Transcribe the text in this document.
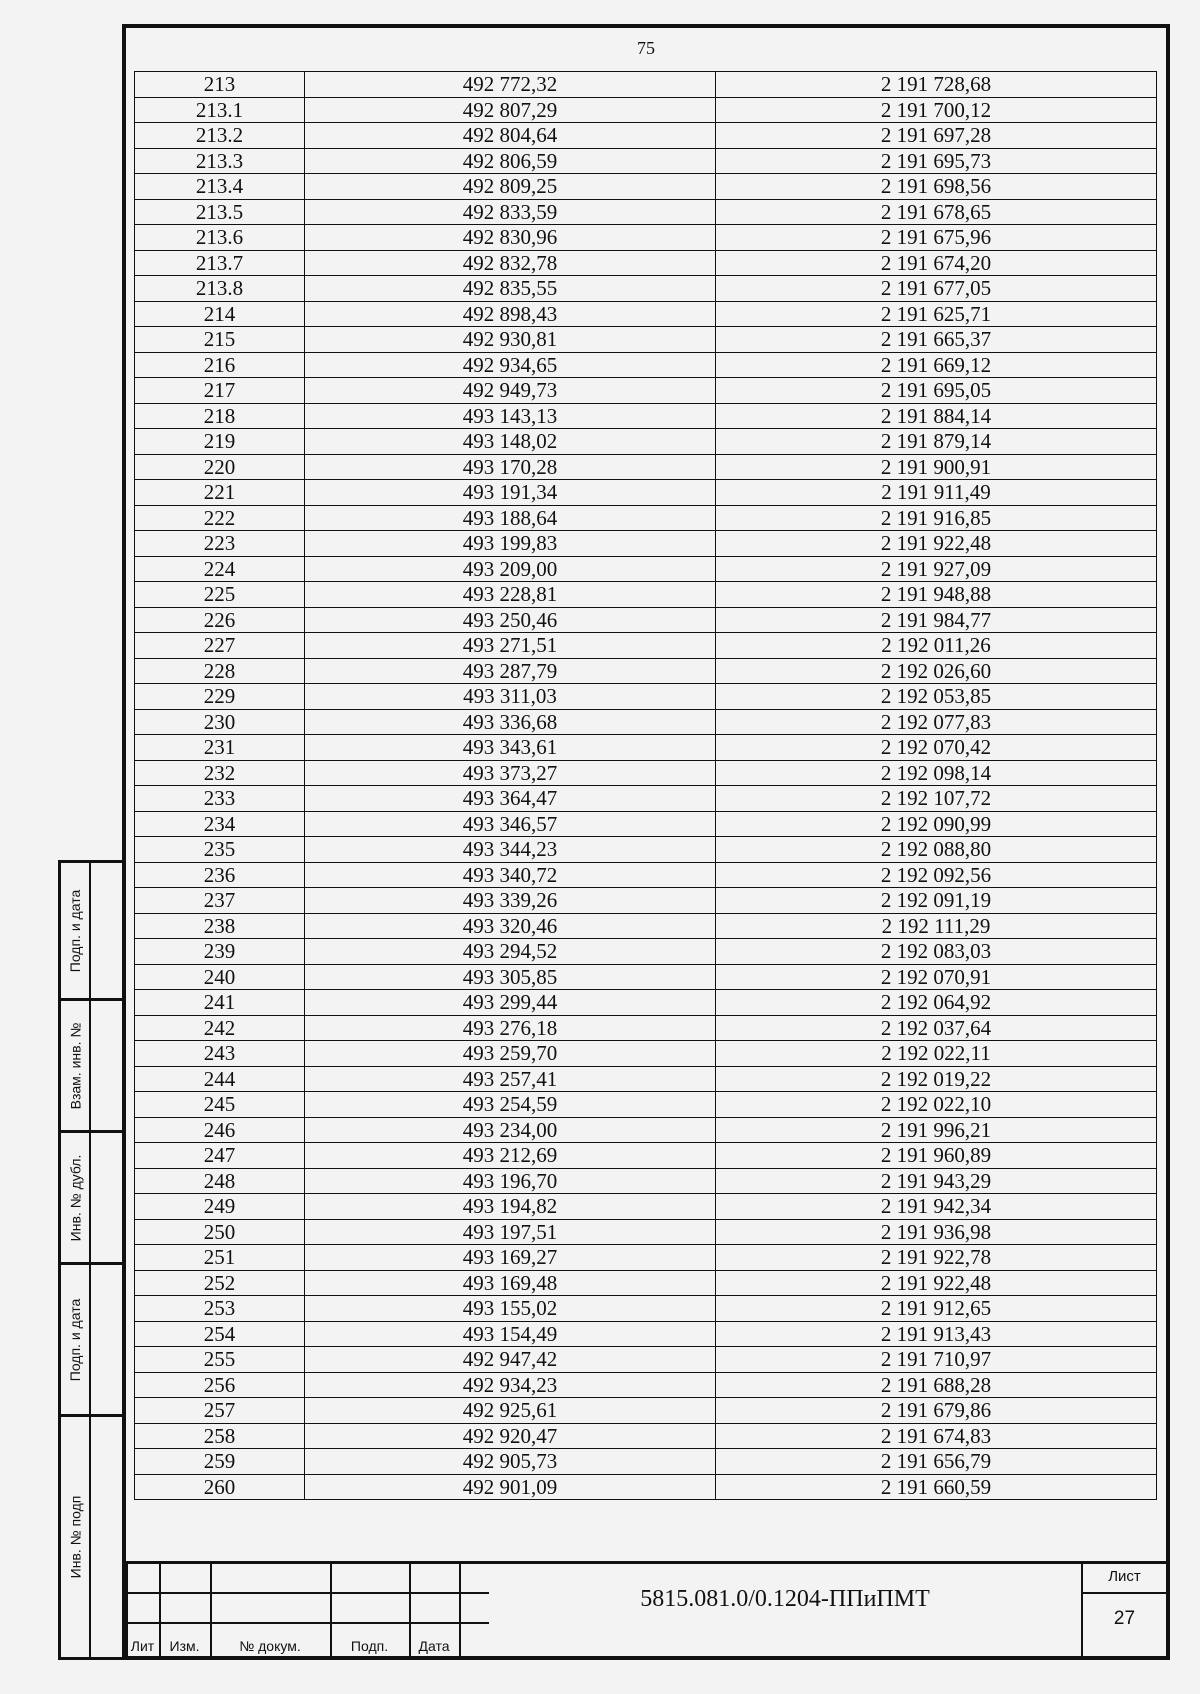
75
213	492 772,32	2 191 728,68
213.1	492 807,29	2 191 700,12
213.2	492 804,64	2 191 697,28
213.3	492 806,59	2 191 695,73
213.4	492 809,25	2 191 698,56
213.5	492 833,59	2 191 678,65
213.6	492 830,96	2 191 675,96
213.7	492 832,78	2 191 674,20
213.8	492 835,55	2 191 677,05
214	492 898,43	2 191 625,71
215	492 930,81	2 191 665,37
216	492 934,65	2 191 669,12
217	492 949,73	2 191 695,05
218	493 143,13	2 191 884,14
219	493 148,02	2 191 879,14
220	493 170,28	2 191 900,91
221	493 191,34	2 191 911,49
222	493 188,64	2 191 916,85
223	493 199,83	2 191 922,48
224	493 209,00	2 191 927,09
225	493 228,81	2 191 948,88
226	493 250,46	2 191 984,77
227	493 271,51	2 192 011,26
228	493 287,79	2 192 026,60
229	493 311,03	2 192 053,85
230	493 336,68	2 192 077,83
231	493 343,61	2 192 070,42
232	493 373,27	2 192 098,14
233	493 364,47	2 192 107,72
234	493 346,57	2 192 090,99
235	493 344,23	2 192 088,80
236	493 340,72	2 192 092,56
237	493 339,26	2 192 091,19
238	493 320,46	2 192 111,29
239	493 294,52	2 192 083,03
240	493 305,85	2 192 070,91
241	493 299,44	2 192 064,92
242	493 276,18	2 192 037,64
243	493 259,70	2 192 022,11
244	493 257,41	2 192 019,22
245	493 254,59	2 192 022,10
246	493 234,00	2 191 996,21
247	493 212,69	2 191 960,89
248	493 196,70	2 191 943,29
249	493 194,82	2 191 942,34
250	493 197,51	2 191 936,98
251	493 169,27	2 191 922,78
252	493 169,48	2 191 922,48
253	493 155,02	2 191 912,65
254	493 154,49	2 191 913,43
255	492 947,42	2 191 710,97
256	492 934,23	2 191 688,28
257	492 925,61	2 191 679,86
258	492 920,47	2 191 674,83
259	492 905,73	2 191 656,79
260	492 901,09	2 191 660,59
Лит	Изм.	№ докум.	Подп.	Дата
5815.081.0/0.1204-ППиПМТ
Лист
27
Подп. и дата
Взам. инв. №
Инв. № дубл.
Подп. и дата
Инв. № подп
